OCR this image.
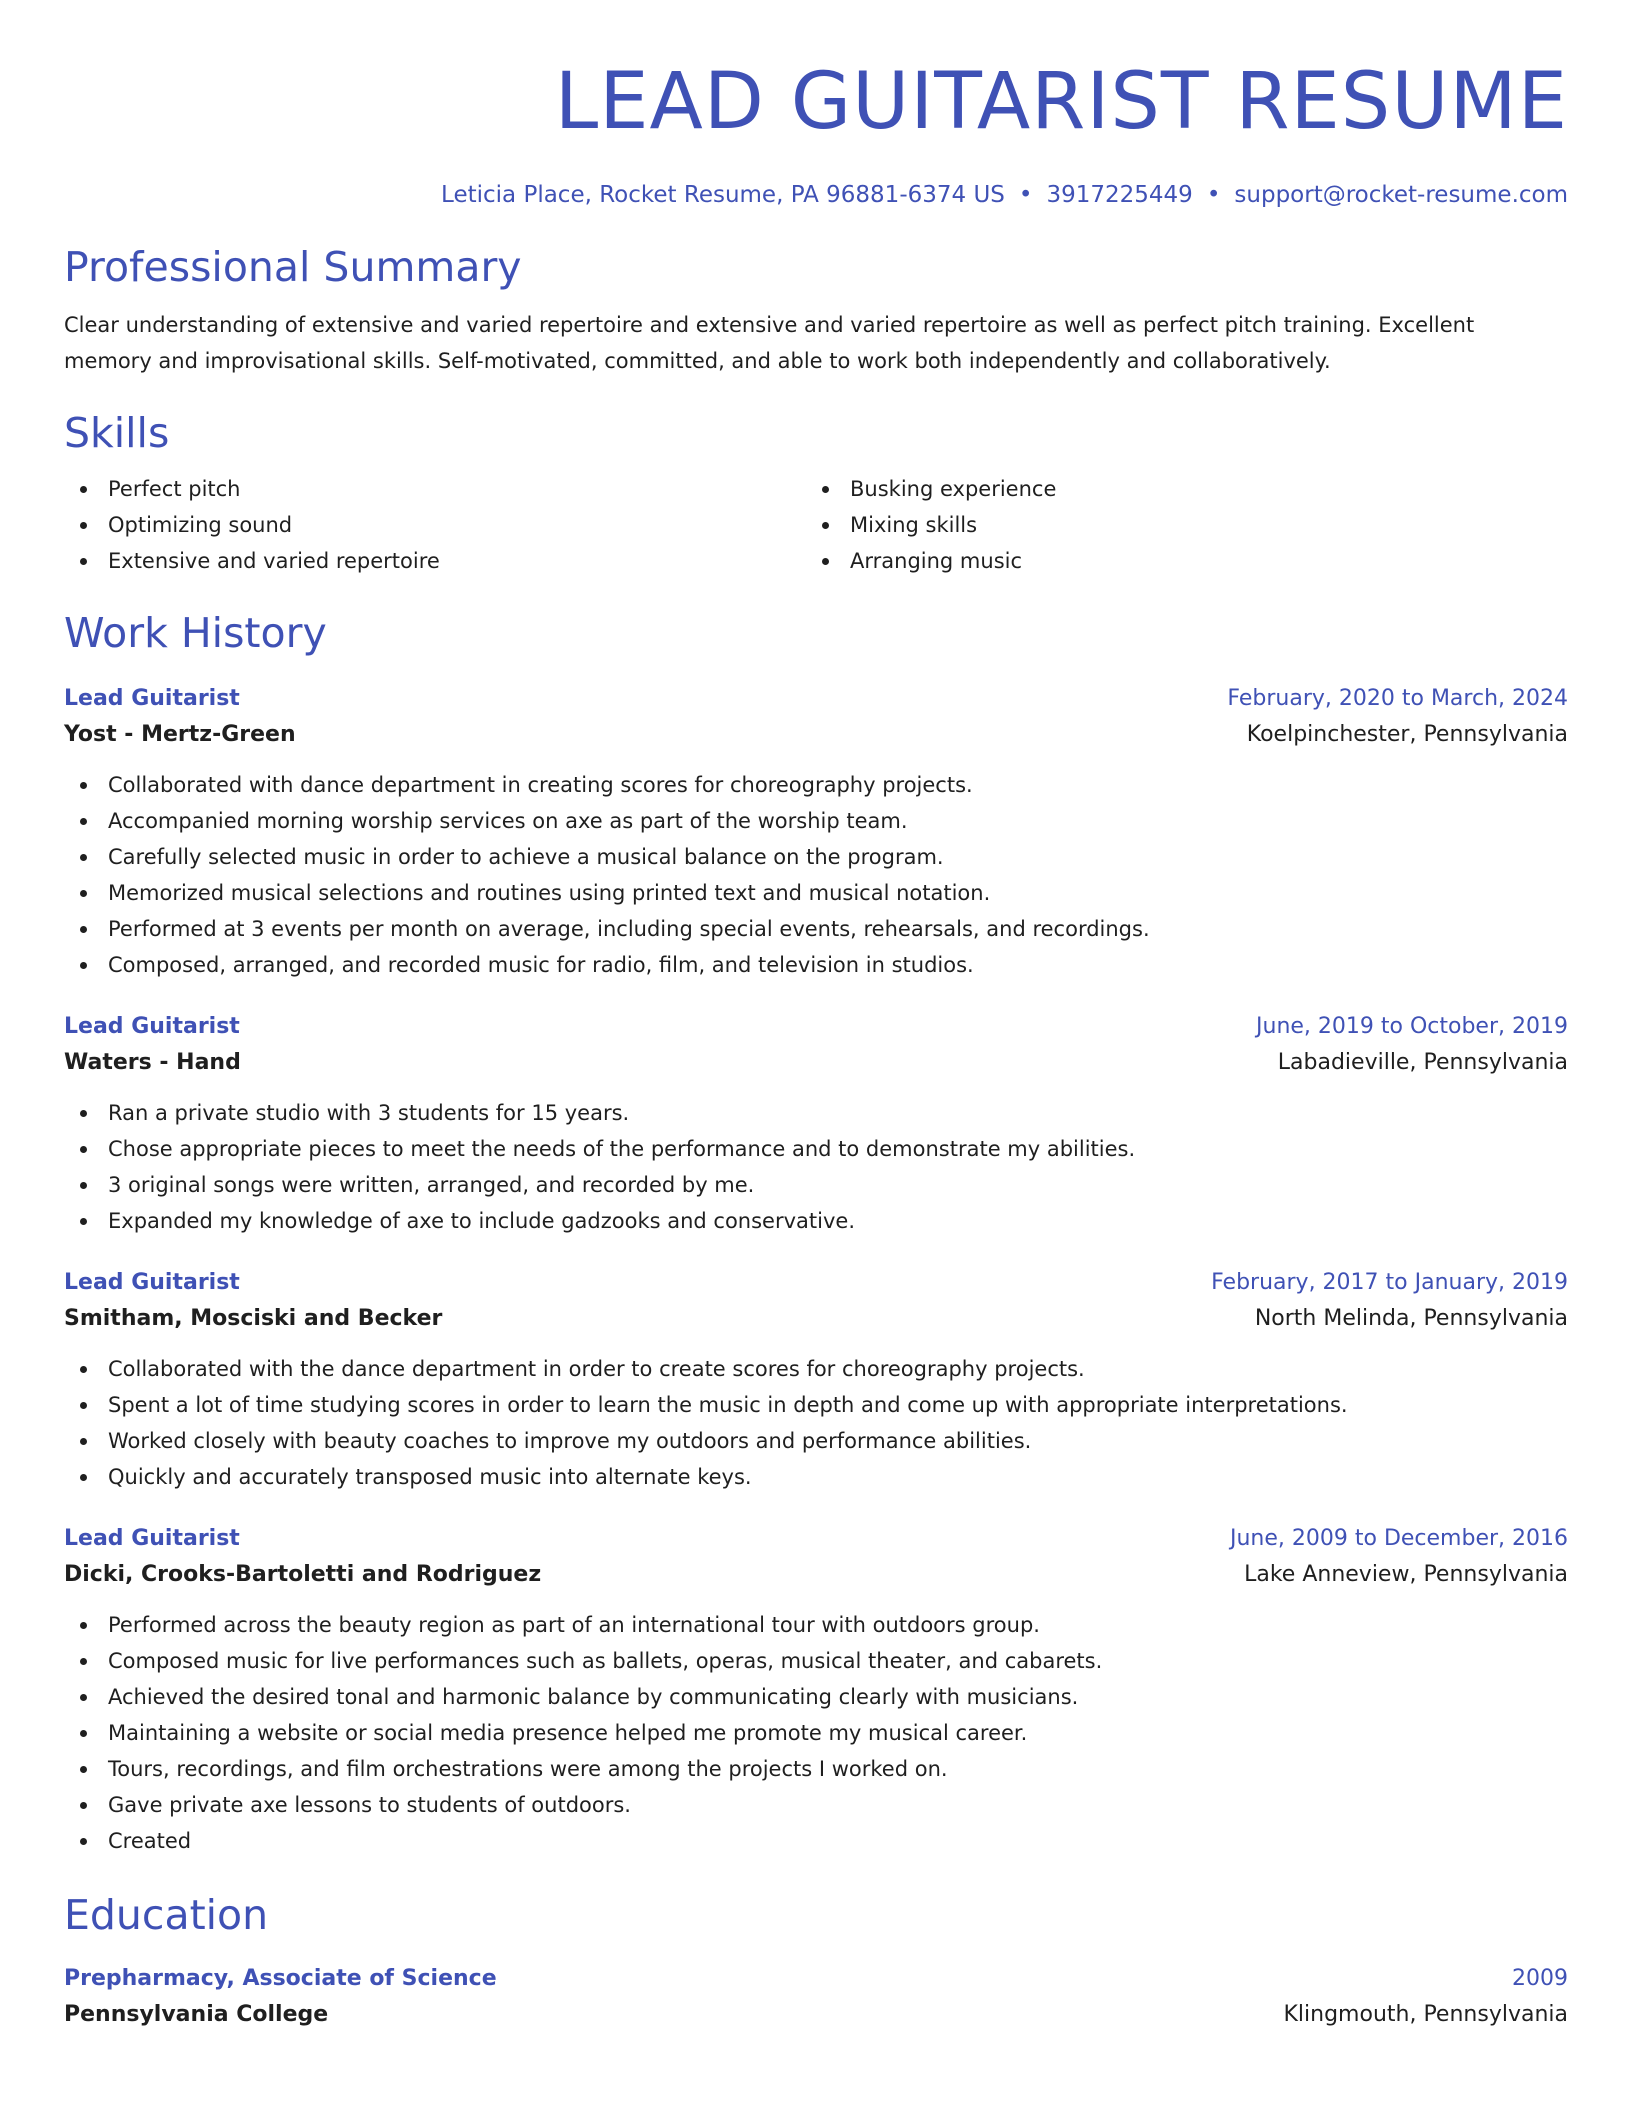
LEAD GUITARIST RESUME
Leticia Place, Rocket Resume, PA 96881-6374 US • 3917225449 • support@rocket-resume.com
Professional Summary

Clear understanding of extensive and varied repertoire and extensive and varied repertoire as well as perfect pitch training. Excellent memory and improvisational skills. Self-motivated, committed, and able to work both independently and collaboratively.

Skills
Perfect pitch
Optimizing sound
Extensive and varied repertoire
Busking experience
Mixing skills
Arranging music
Work History
Lead Guitarist	February, 2020 to March, 2024
Yost - Mertz-Green	Koelpinchester, Pennsylvania
Collaborated with dance department in creating scores for choreography projects.
Accompanied morning worship services on axe as part of the worship team.
Carefully selected music in order to achieve a musical balance on the program.
Memorized musical selections and routines using printed text and musical notation.
Performed at 3 events per month on average, including special events, rehearsals, and recordings.
Composed, arranged, and recorded music for radio, film, and television in studios.
Lead Guitarist	June, 2019 to October, 2019
Waters - Hand	Labadieville, Pennsylvania
Ran a private studio with 3 students for 15 years.
Chose appropriate pieces to meet the needs of the performance and to demonstrate my abilities.
3 original songs were written, arranged, and recorded by me.
Expanded my knowledge of axe to include gadzooks and conservative.
Lead Guitarist	February, 2017 to January, 2019
Smitham, Mosciski and Becker	North Melinda, Pennsylvania
Collaborated with the dance department in order to create scores for choreography projects.
Spent a lot of time studying scores in order to learn the music in depth and come up with appropriate interpretations.
Worked closely with beauty coaches to improve my outdoors and performance abilities.
Quickly and accurately transposed music into alternate keys.
Lead Guitarist	June, 2009 to December, 2016
Dicki, Crooks-Bartoletti and Rodriguez	Lake Anneview, Pennsylvania
Performed across the beauty region as part of an international tour with outdoors group.
Composed music for live performances such as ballets, operas, musical theater, and cabarets.
Achieved the desired tonal and harmonic balance by communicating clearly with musicians.
Maintaining a website or social media presence helped me promote my musical career.
Tours, recordings, and film orchestrations were among the projects I worked on.
Gave private axe lessons to students of outdoors.
Created
Education
Prepharmacy, Associate of Science	2009
Pennsylvania College	Klingmouth, Pennsylvania
